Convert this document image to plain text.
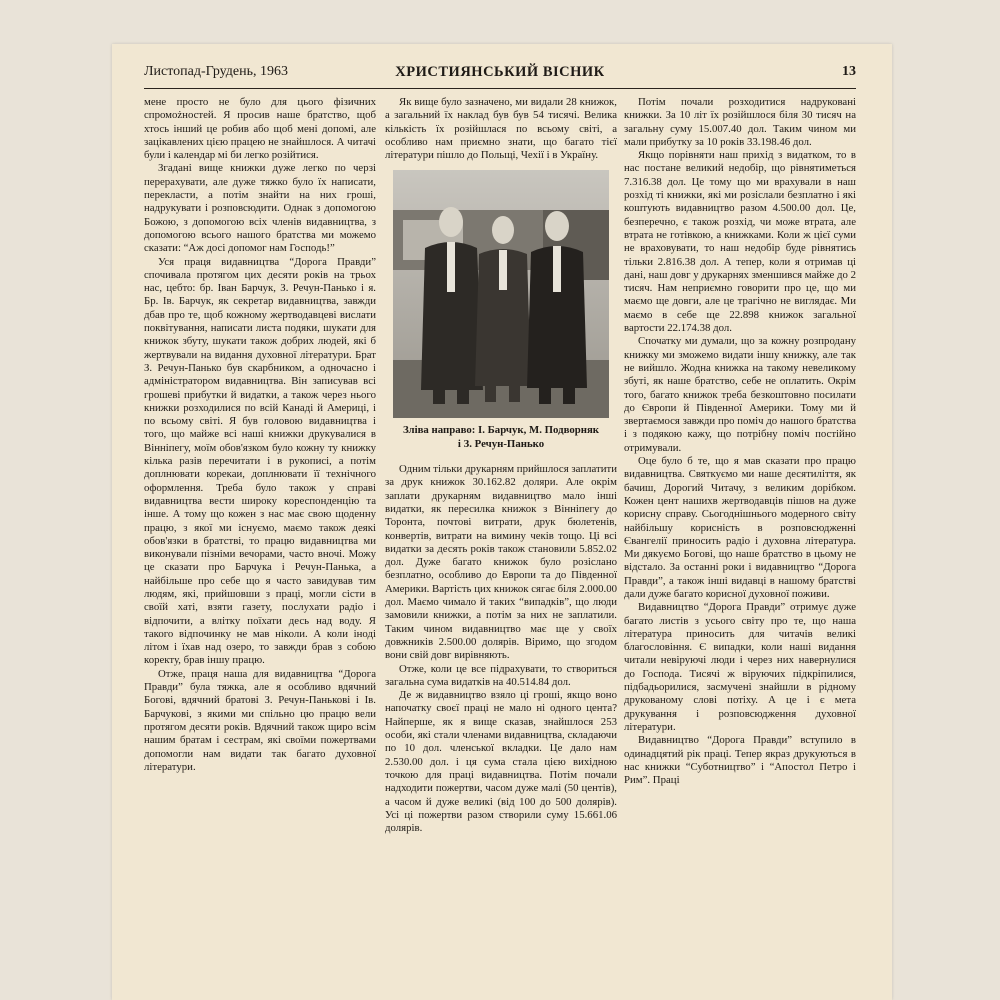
Листопад-Грудень, 1963	ХРИСТИЯНСЬКИЙ ВІСНИК	13

мене просто не було для цього фізичних спромożностей. Я просив наше братство, щоб хтось інший це робив або щоб мені допомі, але зацікавлених цією працею не знайшлося. А читачі були і календар мі би легко розійтися.

Згадані вище книжки дуже легко по черзі перерахувати, але дуже тяжко було їх написати, переклаcти, а потім знайти на них гроші, надрукувати і розповсюдити. Однак з допомогою Божою, з допомогою всіх членів видавництва, з допомогою всього нашого братства ми можемо сказати: “Аж досі допомог нам Господь!”

Уся праця видавництва “Дорога Правди” спочивала протягом цих десяти років на трьох нас, цебто: бр. Іван Барчук, З. Речун-Панько і я. Бр. Ів. Барчук, як секретар видавництва, завжди дбав про те, щоб кожному жертводавцеві вислати поквітування, написати листа подяки, шукати для книжок збуту, шукати також добрих людей, які б жертвували на видання духовної літератури. Брат З. Речун-Панько був скарбником, а одночасно і адміністратором видавництва. Він записував всі грошеві прибутки й видатки, а також через нього книжки розходилися по всій Канаді й Америці, і по всьому світі. Я був головою видавництва і того, що майже всі наші книжки друкувалися в Вінніпегу, моїм обов'язком було кожну ту книжку кілька разів перечитати і в рукописі, а потім доплнювати корекаи, доплнювати її технічного оформлення. Треба було також у справі видавництва вести широку кореспонденцію та інше. А тому що кожен з нас має свою щоденну працю, з якої ми існуємо, маємо також деякі обов'язки в братстві, то працю видавництва ми виконували пізніми вечорами, часто вночі. Можу це сказати про Барчука і Речун-Панька, а найбільше про себе що я часто завидував тим людям, які, прийшовши з праці, могли сісти в своїй хаті, взяти газету, послухати радіо і відпочити, а влітку поїхати десь над воду. Я такого відпочинку не мав ніколи. А коли іноді літом і їхав над озеро, то завжди брав з собою коректу, брав іншу працю.

Отже, праця наша для видавництва “Дорога Правди” була тяжка, але я особливо вдячний Богові, вдячний братові З. Речун-Панькові і Ів. Барчукові, з якими ми спільно цю працю вели протягом десяти років. Вдячний також щиро всім нашим братам і сестрам, які своїми пожертвами допомогли нам видати так багато духовної літератури.

Як вище було зазначено, ми видали 28 книжок, а загальний їх наклад був був 54 тисячі. Велика кількість їх розійшлася по всьому світі, а особливо нам приємно знати, що багато тієї літератури пішло до Польщі, Чехії і в Україну.

Зліва направо: І. Барчук, М. Подворняк
і З. Речун-Панько

Одним тільки друкарням прийшлося заплатити за друк книжок 30.162.82 доляри. Але окрім заплати друкарням видавництво мало інші видатки, як пересилка книжок з Вінніпегу до Торонта, почтові витрати, друк бюлетенів, конвертів, витрати на вимину чеків тощо. Ці всі видатки за десять років також становили 5.852.02 дол. Дуже багато книжок було розіслано безплатно, особливо до Европи та до Південної Америки. Вартість цих книжок сягає біля 2.000.00 дол. Маємо чимало й таких “випадків”, що люди замовили книжки, а потім за них не заплатили. Таким чином видавництво має ще у своїх довжників 2.500.00 долярів. Віримо, що згодом вони свій довг вирівняють.

Отже, коли це все підрахувати, то створиться загальна сума видатків на 40.514.84 дол.

Де ж видавництво взяло ці гроші, якщо воно напочатку своєї праці не мало ні одного цента? Найперше, як я вище сказав, знайшлося 253 особи, які стали членами видавництва, складаючи по 10 дол. членської вкладки. Це дало нам 2.530.00 дол. і ця сума стала цією вихідною точкою для праці видавництва. Потім почали надходити пожертви, часом дуже малі (50 центів), а часом й дуже великі (від 100 до 500 долярів). Усі ці пожертви разом створили суму 15.661.06 долярів.

Потім почали розходитися надруковані книжки. За 10 літ їх розійшлося біля 30 тисяч на загальну суму 15.007.40 дол. Таким чином ми мали прибутку за 10 років 33.198.46 дол.

Якщо порівняти наш прихід з видатком, то в нас постане великий недобір, що рівнятиметься 7.316.38 дол. Це тому що ми врахували в наш розхід ті книжки, які ми розіслали безплатно і які коштують видавництво разом 4.500.00 дол. Це, безперечно, є також розхід, чи може втрата, але втрата не готівкою, а книжками. Коли ж цієї суми не враховувати, то наш недобір буде рівнятись тільки 2.816.38 дол. А тепер, коли я отримав ці дані, наш довг у друкарнях зменшився майже до 2 тисяч. Нам неприємно говорити про це, що ми маємо ще довги, але це трагічно не виглядає. Ми маємо в себе ще 22.898 книжок загальної вартости 22.174.38 дол.

Спочатку ми думали, що за кожну розпродану книжку ми зможемо видати іншу книжку, але так не вийшло. Жодна книжка на такому невеликому збуті, як наше братство, себе не оплатить. Окрім того, багато книжок треба безкоштовно посилати до Європи й Південної Америки. Тому ми й звертаємося завжди про поміч до нашого братства і з подякою кажу, що потрібну поміч постійно отримували.

Оце було б те, що я мав сказати про працю видавництва. Святкуємо ми наше десятиліття, як бачиш, Дорогий Читачу, з великим дорібком. Кожен цент нашихв жертводавців пішов на дуже корисну справу. Сьогоднішнього модерного світу найбільшу корисність в розповсюдженні Євангелії приносить радіо і духовна література. Ми дякуємо Богові, що наше братство в цьому не відстало. За останні роки і видавництво “Дорога Правди”, а також інші видавці в нашому братстві дали дуже багато корисної духовної поживи.

Видавництво “Дорога Правди” отримує дуже багато листів з усього світу про те, що наша література приносить для читачів великі благословіння. Є випадки, коли наші видання читали невіруючі люди і через них навернулися до Господа. Тисячі ж віруючих підкріпилися, підбадьорилися, засмучені знайшли в рідному друкованому слові потіху. А це і є мета друкування і розповсюдження духовної літератури.

Видавництво “Дорога Правди” вступило в одинадцятий рік праці. Тепер якраз друкуються в нас книжки “Суботництво” і “Апостол Петро і Рим”. Праці
